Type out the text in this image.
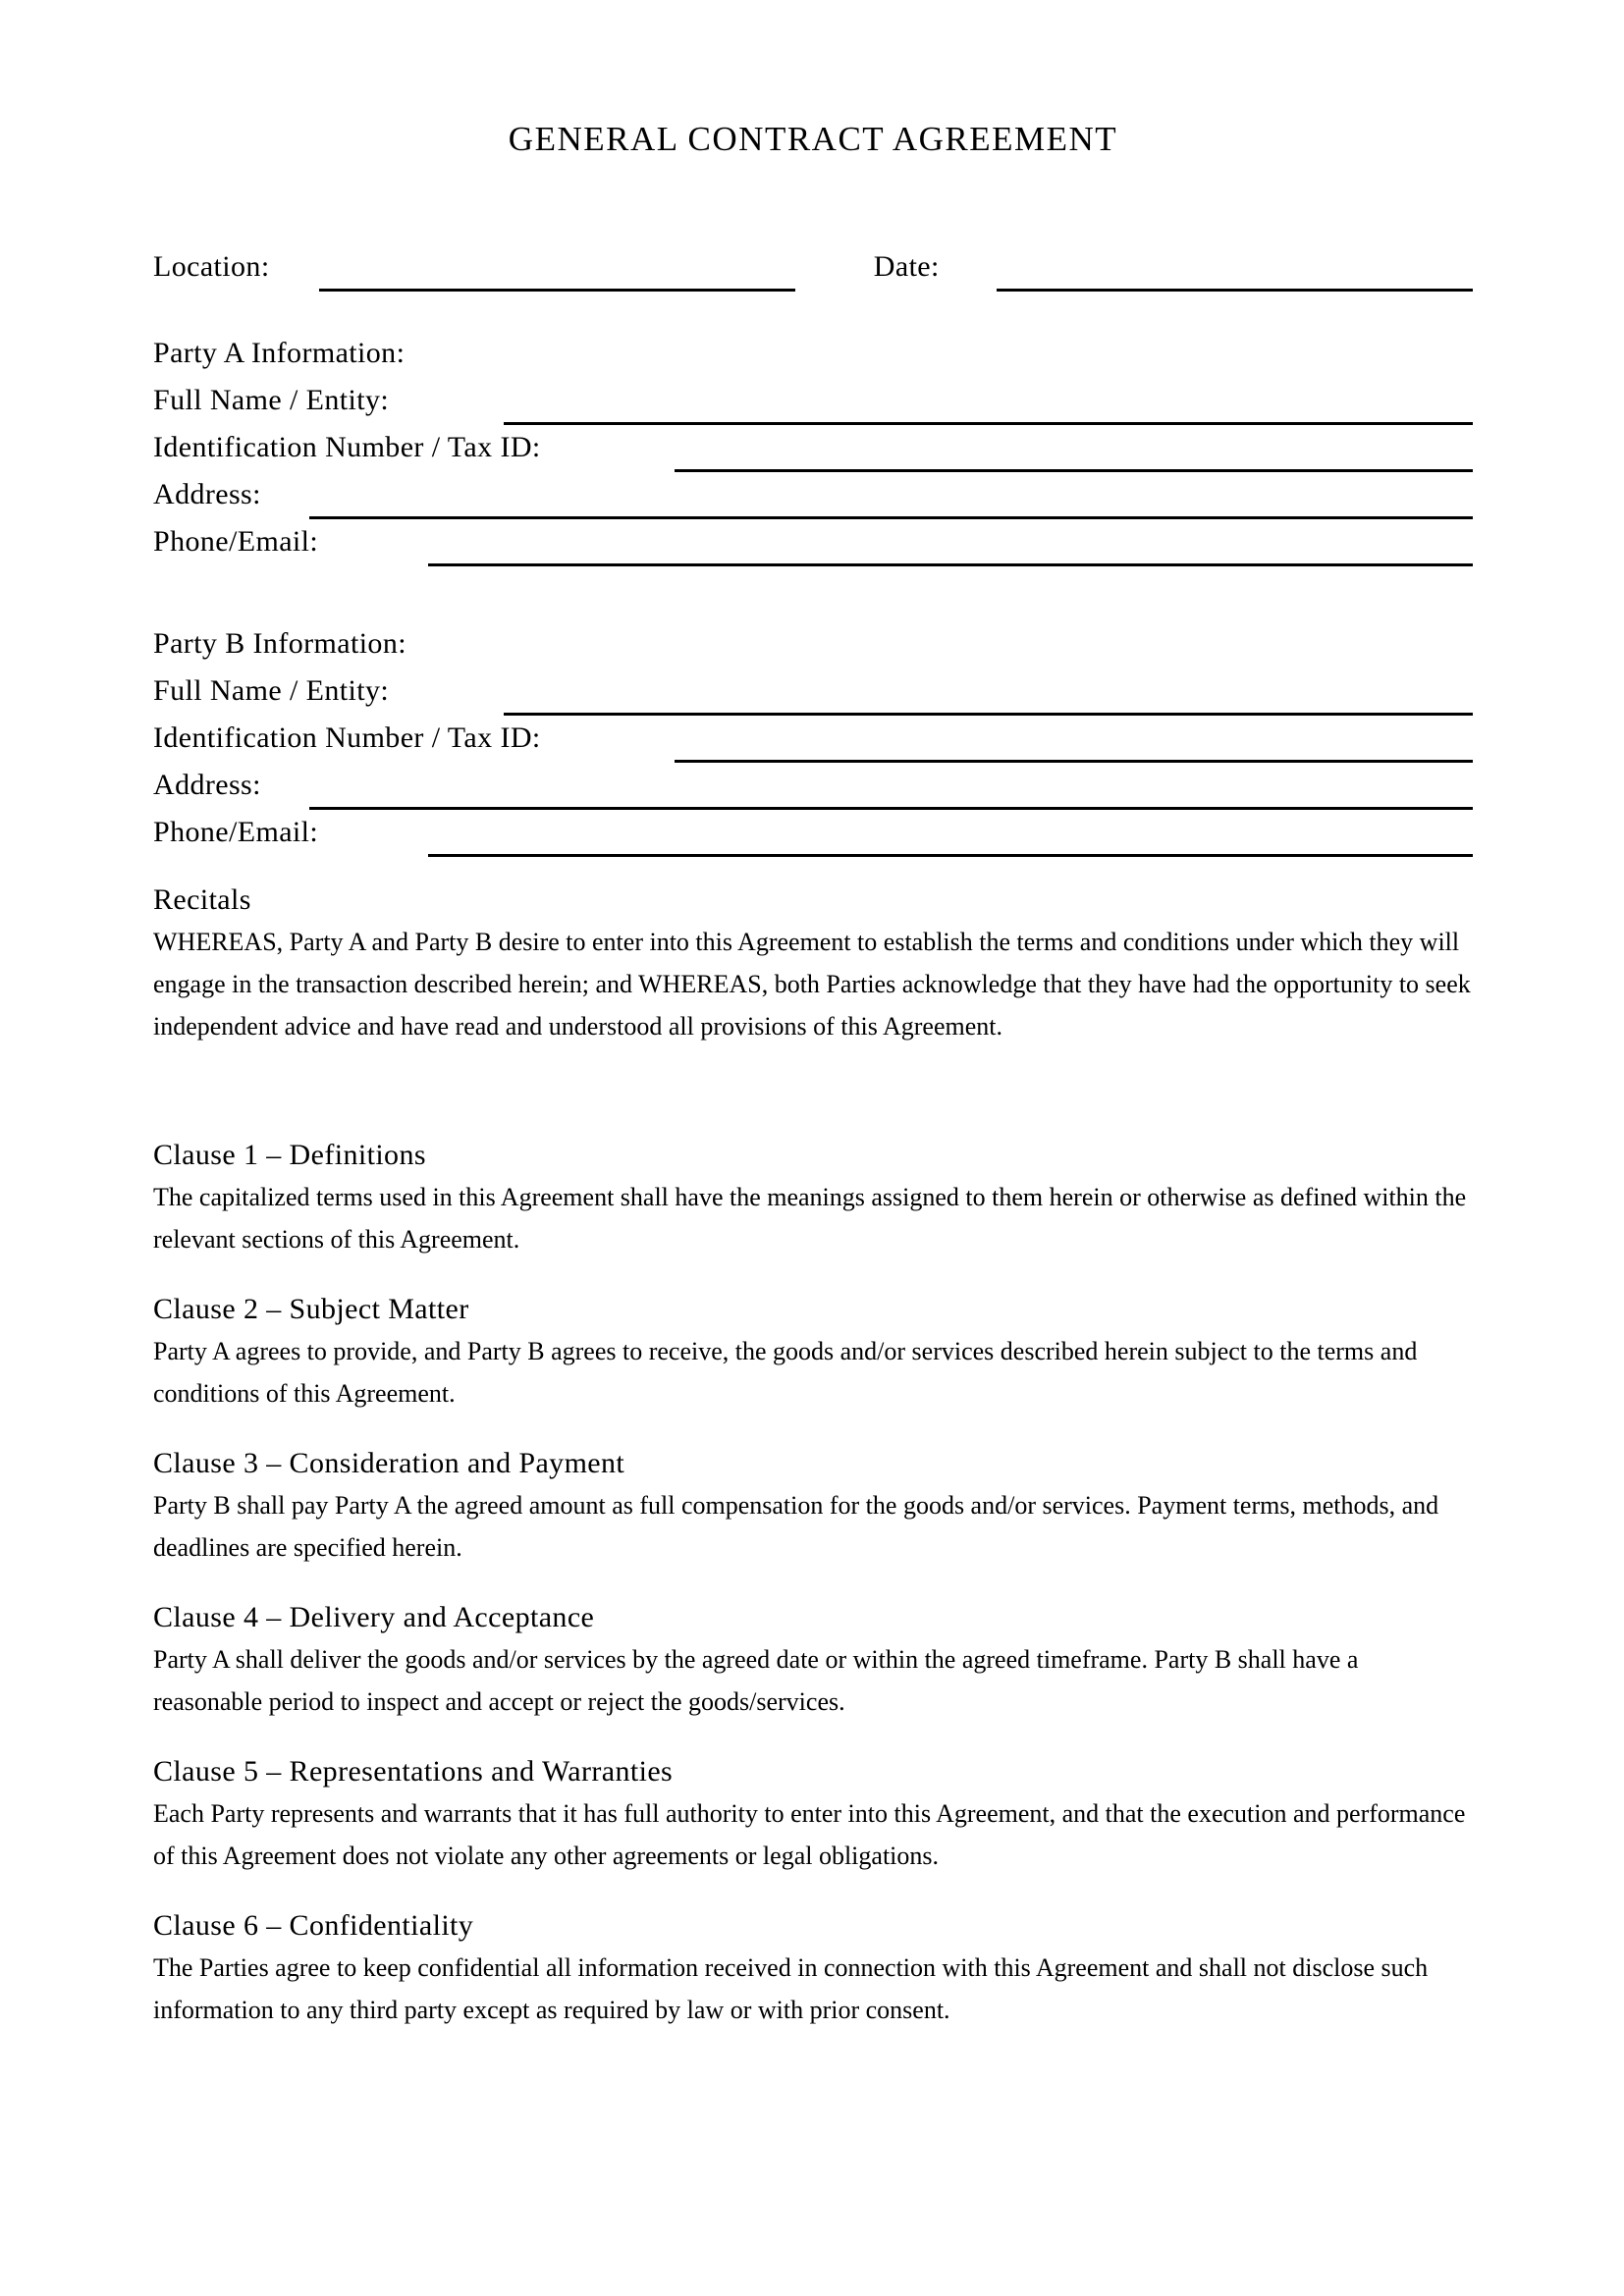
GENERAL CONTRACT AGREEMENT
Location:	Date:
Party A Information:
Full Name / Entity:
Identification Number / Tax ID:
Address:
Phone/Email:
Party B Information:
Full Name / Entity:
Identification Number / Tax ID:
Address:
Phone/Email:
Recitals

WHEREAS, Party A and Party B desire to enter into this Agreement to establish the terms and conditions under which they will engage in the transaction described herein; and WHEREAS, both Parties acknowledge that they have had the opportunity to seek independent advice and have read and understood all provisions of this Agreement.

Clause 1 – Definitions

The capitalized terms used in this Agreement shall have the meanings assigned to them herein or otherwise as defined within the relevant sections of this Agreement.

Clause 2 – Subject Matter

Party A agrees to provide, and Party B agrees to receive, the goods and/or services described herein subject to the terms and conditions of this Agreement.

Clause 3 – Consideration and Payment

Party B shall pay Party A the agreed amount as full compensation for the goods and/or services. Payment terms, methods, and deadlines are specified herein.

Clause 4 – Delivery and Acceptance

Party A shall deliver the goods and/or services by the agreed date or within the agreed timeframe. Party B shall have a reasonable period to inspect and accept or reject the goods/services.

Clause 5 – Representations and Warranties

Each Party represents and warrants that it has full authority to enter into this Agreement, and that the execution and performance of this Agreement does not violate any other agreements or legal obligations.

Clause 6 – Confidentiality

The Parties agree to keep confidential all information received in connection with this Agreement and shall not disclose such information to any third party except as required by law or with prior consent.
